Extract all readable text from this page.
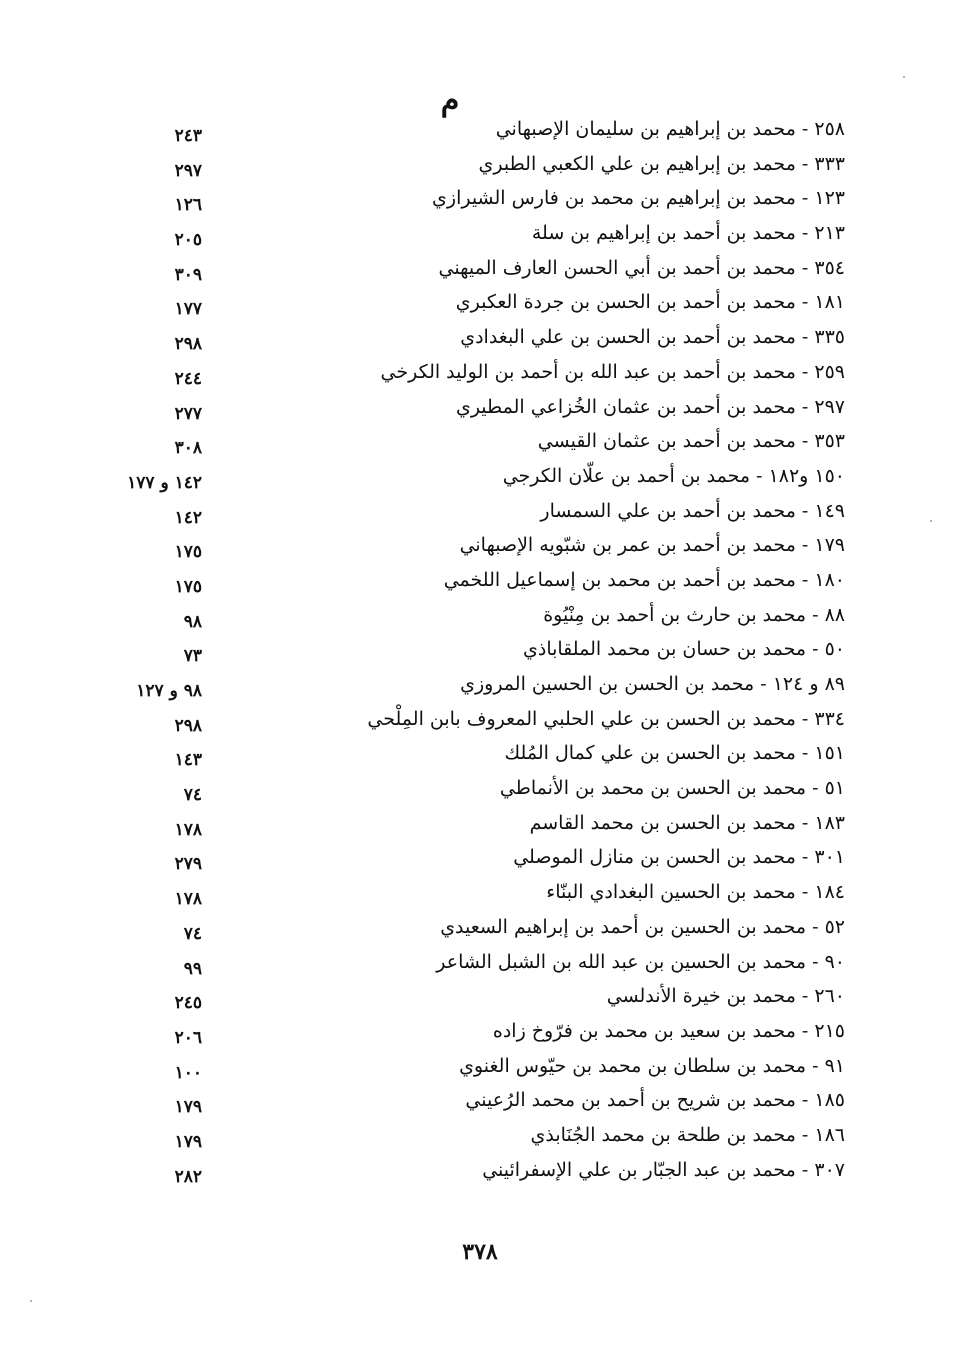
م
٢٥٨ - محمد بن إبراهيم بن سليمان الإصبهاني
٢٤٣
٣٣٣ - محمد بن إبراهيم بن علي الكعبي الطبري
٢٩٧
١٢٣ - محمد بن إبراهيم بن محمد بن فارس الشيرازي
١٢٦
٢١٣ - محمد بن أحمد بن إبراهيم بن سلة
٢٠٥
٣٥٤ - محمد بن أحمد بن أبي الحسن العارف الميهني
٣٠٩
١٨١ - محمد بن أحمد بن الحسن بن جردة العكبري
١٧٧
٣٣٥ - محمد بن أحمد بن الحسن بن علي البغدادي
٢٩٨
٢٥٩ - محمد بن أحمد بن عبد الله بن أحمد بن الوليد الكرخي
٢٤٤
٢٩٧ - محمد بن أحمد بن عثمان الخُزاعي المطيري
٢٧٧
٣٥٣ - محمد بن أحمد بن عثمان القيسي
٣٠٨
١٥٠ و١٨٢ - محمد بن أحمد بن علّان الكرجي
١٤٢ و ١٧٧
١٤٩ - محمد بن أحمد بن علي السمسار
١٤٢
١٧٩ - محمد بن أحمد بن عمر بن شبّويه الإصبهاني
١٧٥
١٨٠ - محمد بن أحمد بن محمد بن إسماعيل اللخمي
١٧٥
٨٨ - محمد بن حارث بن أحمد بن مِنْيُوة
٩٨
٥٠ - محمد بن حسان بن محمد الملقاباذي
٧٣
٨٩ و ١٢٤ - محمد بن الحسن بن الحسين المروزي
٩٨ و ١٢٧
٣٣٤ - محمد بن الحسن بن علي الحلبي المعروف بابن المِلْحي
٢٩٨
١٥١ - محمد بن الحسن بن علي كمال المُلك
١٤٣
٥١ - محمد بن الحسن بن محمد بن الأنماطي
٧٤
١٨٣ - محمد بن الحسن بن محمد القاسم
١٧٨
٣٠١ - محمد بن الحسن بن منازل الموصلي
٢٧٩
١٨٤ - محمد بن الحسين البغدادي البنّاء
١٧٨
٥٢ - محمد بن الحسين بن أحمد بن إبراهيم السعيدي
٧٤
٩٠ - محمد بن الحسين بن عبد الله بن الشبل الشاعر
٩٩
٢٦٠ - محمد بن خيرة الأندلسي
٢٤٥
٢١٥ - محمد بن سعيد بن محمد بن فرّوخ زاده
٢٠٦
٩١ - محمد بن سلطان بن محمد بن حيّوس الغنوي
١٠٠
١٨٥ - محمد بن شريح بن أحمد بن محمد الرُعيني
١٧٩
١٨٦ - محمد بن طلحة بن محمد الجُنَابذي
١٧٩
٣٠٧ - محمد بن عبد الجبّار بن علي الإسفرائيني
٢٨٢
٣٧٨
